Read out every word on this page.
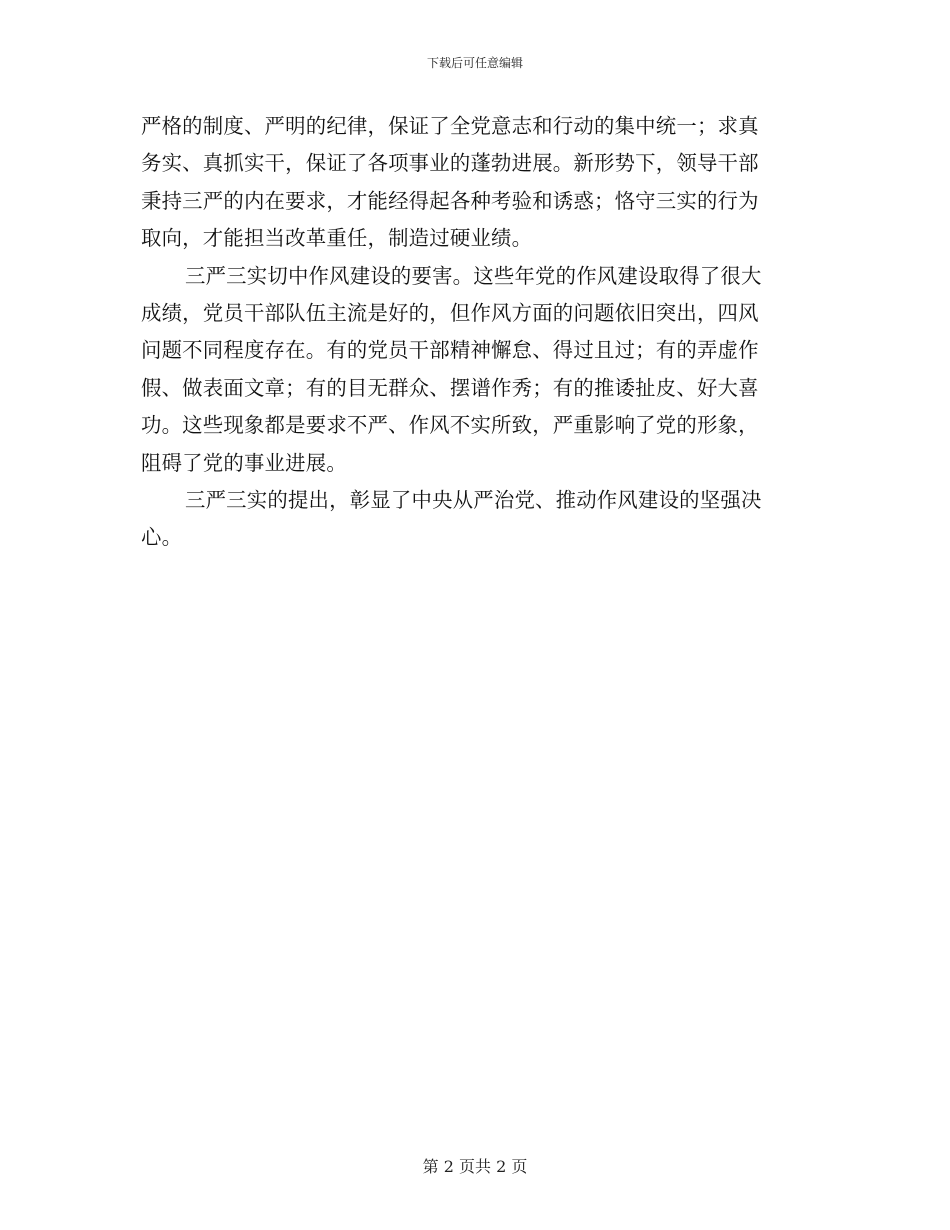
下载后可任意编辑

严格的制度、严明的纪律，保证了全党意志和行动的集中统一；求真
务实、真抓实干，保证了各项事业的蓬勃进展。新形势下，领导干部
秉持三严的内在要求，才能经得起各种考验和诱惑；恪守三实的行为
取向，才能担当改革重任，制造过硬业绩。

三严三实切中作风建设的要害。这些年党的作风建设取得了很大
成绩，党员干部队伍主流是好的，但作风方面的问题依旧突出，四风
问题不同程度存在。有的党员干部精神懈怠、得过且过；有的弄虚作
假、做表面文章；有的目无群众、摆谱作秀；有的推诿扯皮、好大喜
功。这些现象都是要求不严、作风不实所致，严重影响了党的形象，
阻碍了党的事业进展。

三严三实的提出，彰显了中央从严治党、推动作风建设的坚强决
心。

第 2 页共 2 页
